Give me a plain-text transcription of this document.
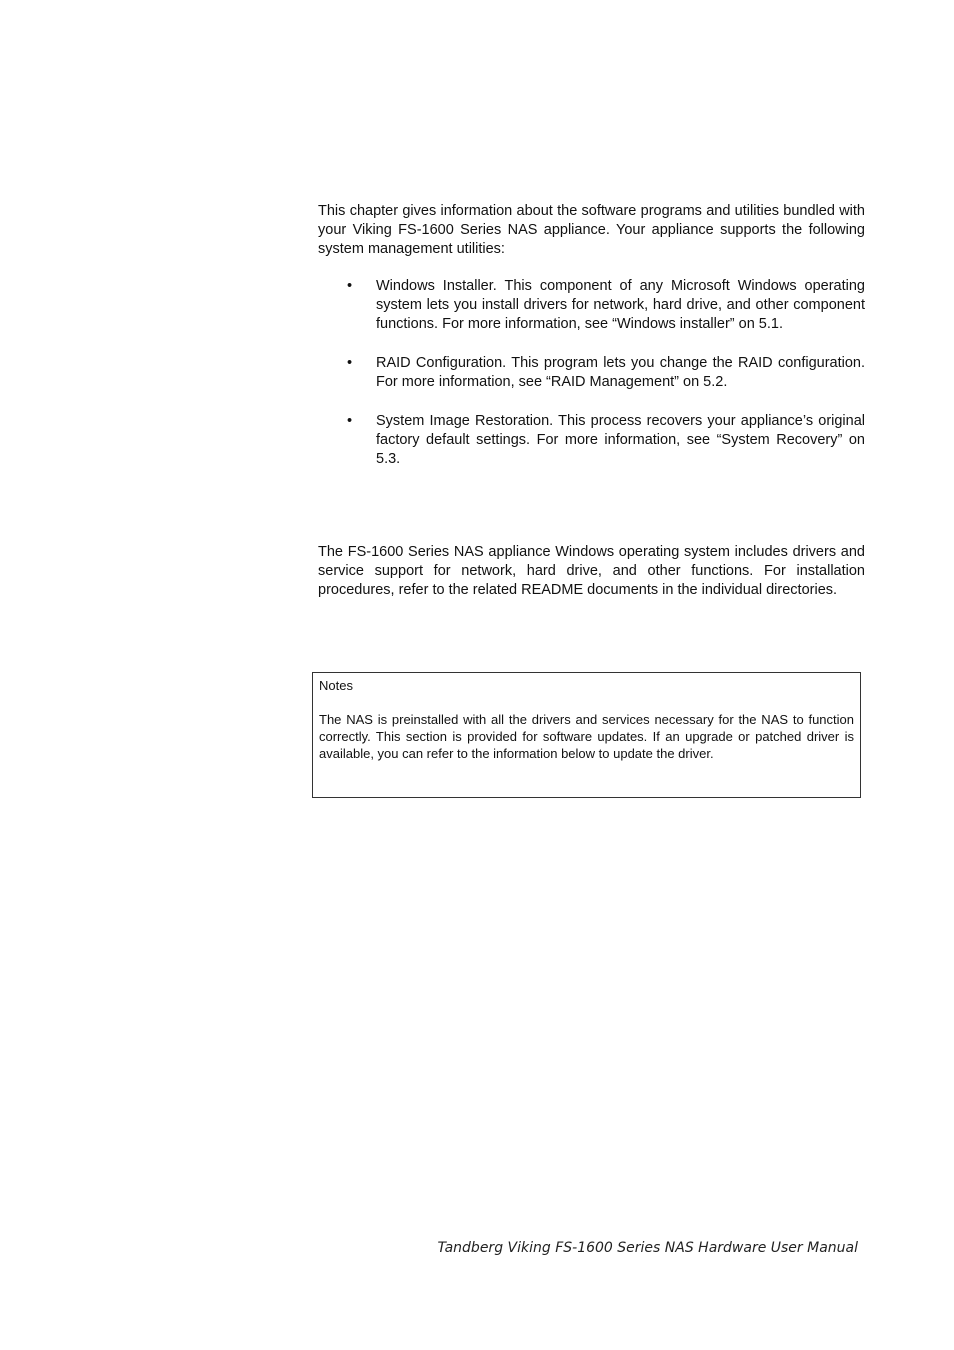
This chapter gives information about the software programs and utilities bundled with your Viking FS-1600 Series NAS appliance. Your appliance supports the following system management utilities:

• Windows Installer. This component of any Microsoft Windows operating system lets you install drivers for network, hard drive, and other component functions. For more information, see “Windows installer” on 5.1.
• RAID Configuration. This program lets you change the RAID configuration. For more information, see “RAID Management” on 5.2.
• System Image Restoration. This process recovers your appliance’s original factory default settings. For more information, see “System Recovery” on 5.3.

The FS-1600 Series NAS appliance Windows operating system includes drivers and service support for network, hard drive, and other functions. For installation procedures, refer to the related README documents in the individual directories.

Notes

The NAS is preinstalled with all the drivers and services necessary for the NAS to function correctly. This section is provided for software updates. If an upgrade or patched driver is available, you can refer to the information below to update the driver.

Tandberg Viking FS-1600 Series NAS Hardware User Manual
